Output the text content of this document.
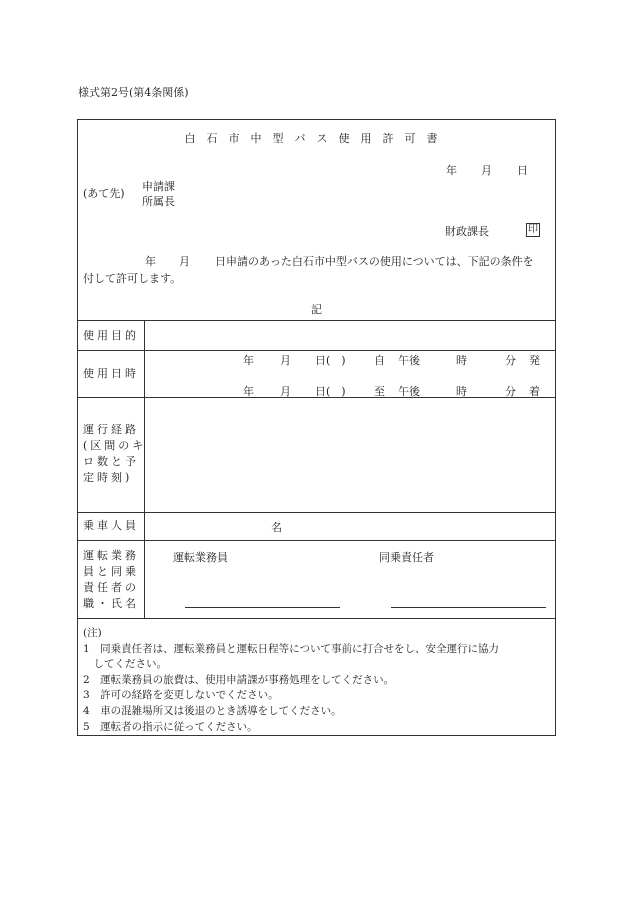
様式第2号(第4条関係)
白石市中型バス使用許可書
年 月 日
(あて先)
申請課
所属長
財政課長	印
年 月 日申請のあった白石市中型バスの使用については、下記の条件を
付して許可します。
記
使用目的
使用日時
年 月 日(　)	自 午後	時	分 発
年 月 日(　)	至 午後	時	分 着
運行経路
(区間のキ
ロ数と予
定時刻)
乗車人員	名
運転業務
員と同乗
責任者の
職・氏名
運転業務員	同乗責任者
(注)
1　同乗責任者は、運転業務員と運転日程等について事前に打合せをし、安全運行に協力
　してください。
2　運転業務員の旅費は、使用申請課が事務処理をしてください。
3　許可の経路を変更しないでください。
4　車の混雑場所又は後退のとき誘導をしてください。
5　運転者の指示に従ってください。
